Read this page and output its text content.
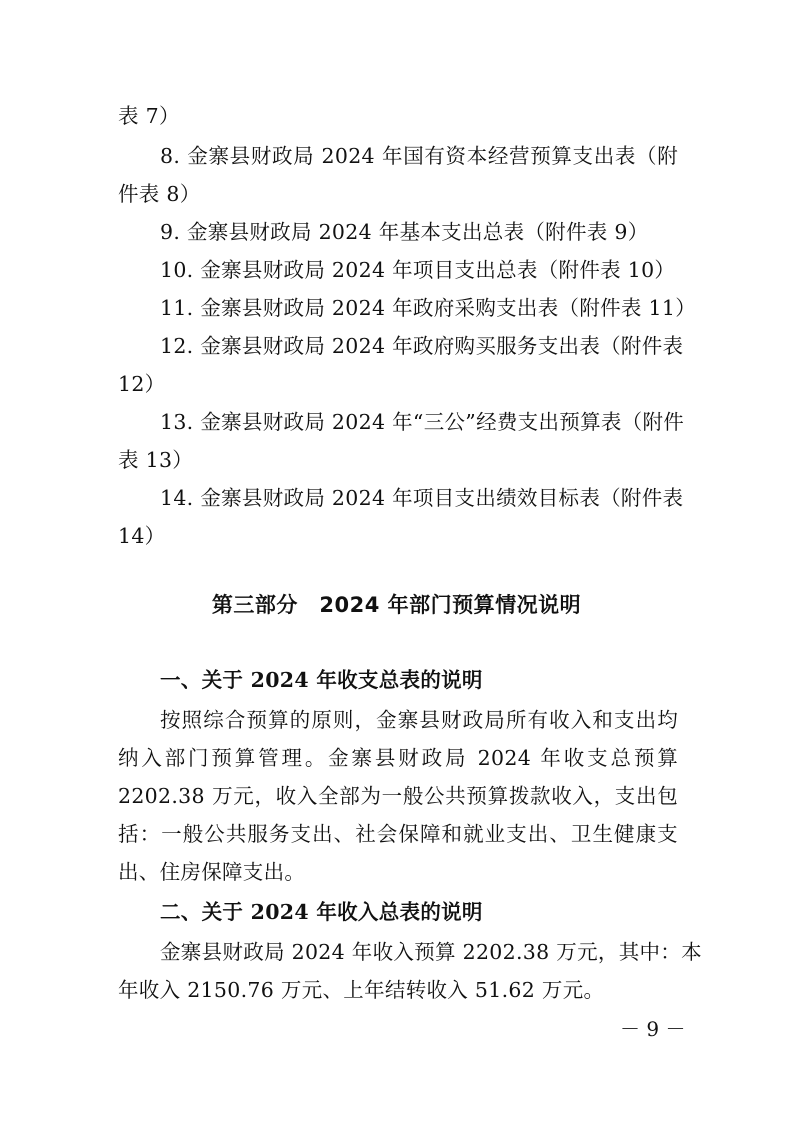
表 7）
8. 金寨县财政局 2024 年国有资本经营预算支出表（附
件表 8）
9. 金寨县财政局 2024 年基本支出总表（附件表 9）
10. 金寨县财政局 2024 年项目支出总表（附件表 10）
11. 金寨县财政局 2024 年政府采购支出表（附件表 11）
12. 金寨县财政局 2024 年政府购买服务支出表（附件表
12）
13. 金寨县财政局 2024 年“三公”经费支出预算表（附件
表 13）
14. 金寨县财政局 2024 年项目支出绩效目标表（附件表
14）
第三部分　2024 年部门预算情况说明
一、关于 2024 年收支总表的说明
按照综合预算的原则，金寨县财政局所有收入和支出均
纳入部门预算管理。金寨县财政局 2024 年收支总预算
2202.38 万元，收入全部为一般公共预算拨款收入，支出包
括：一般公共服务支出、社会保障和就业支出、卫生健康支
出、住房保障支出。
二、关于 2024 年收入总表的说明
金寨县财政局 2024 年收入预算 2202.38 万元，其中：本
年收入 2150.76 万元、上年结转收入 51.62 万元。
－ 9 －
